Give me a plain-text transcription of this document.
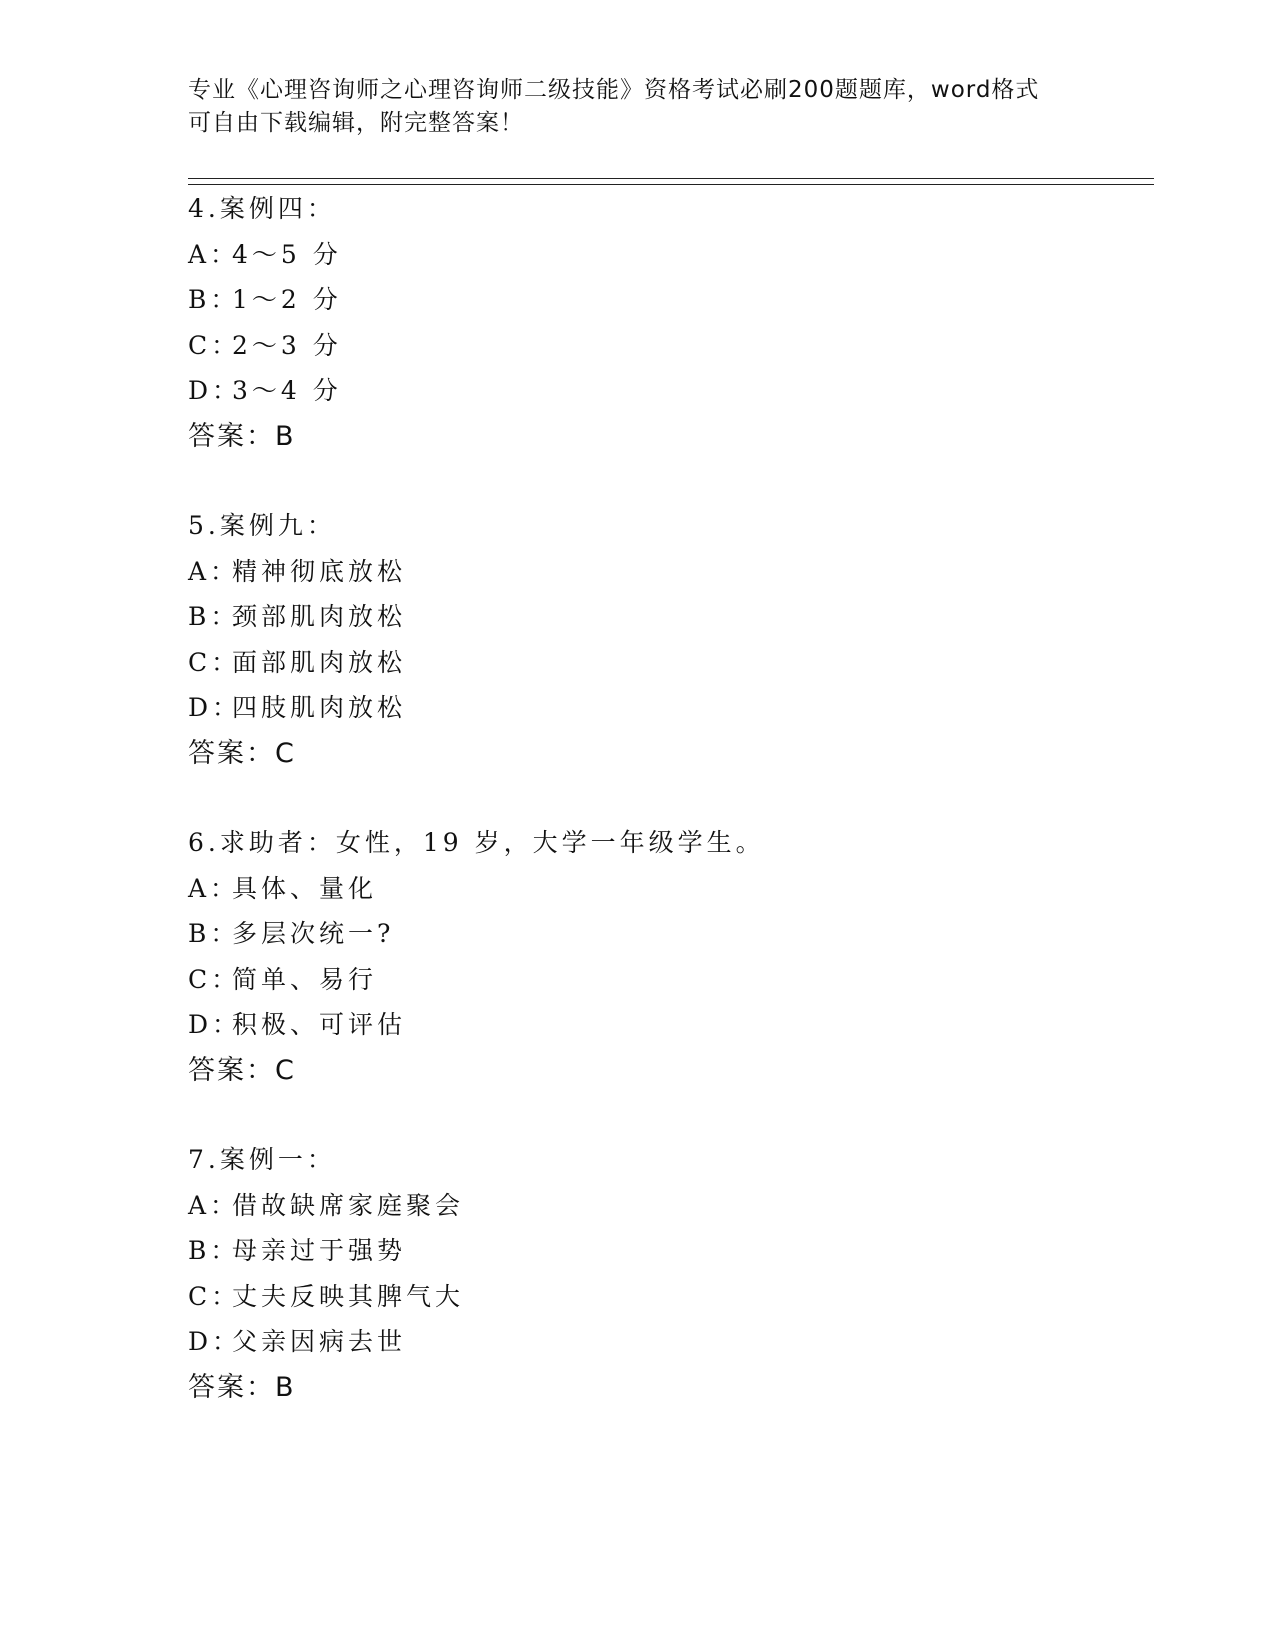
专业《心理咨询师之心理咨询师二级技能》资格考试必刷200题题库，word格式
可自由下载编辑，附完整答案！
4.案例四：
A：4～5 分
B：1～2 分
C：2～3 分
D：3～4 分
答案：B
5.案例九：
A：精神彻底放松
B：颈部肌肉放松
C：面部肌肉放松
D：四肢肌肉放松
答案：C
6.求助者：女性，19 岁，大学一年级学生。
A：具体、量化
B：多层次统一?
C：简单、易行
D：积极、可评估
答案：C
7.案例一：
A：借故缺席家庭聚会
B：母亲过于强势
C：丈夫反映其脾气大
D：父亲因病去世
答案：B
